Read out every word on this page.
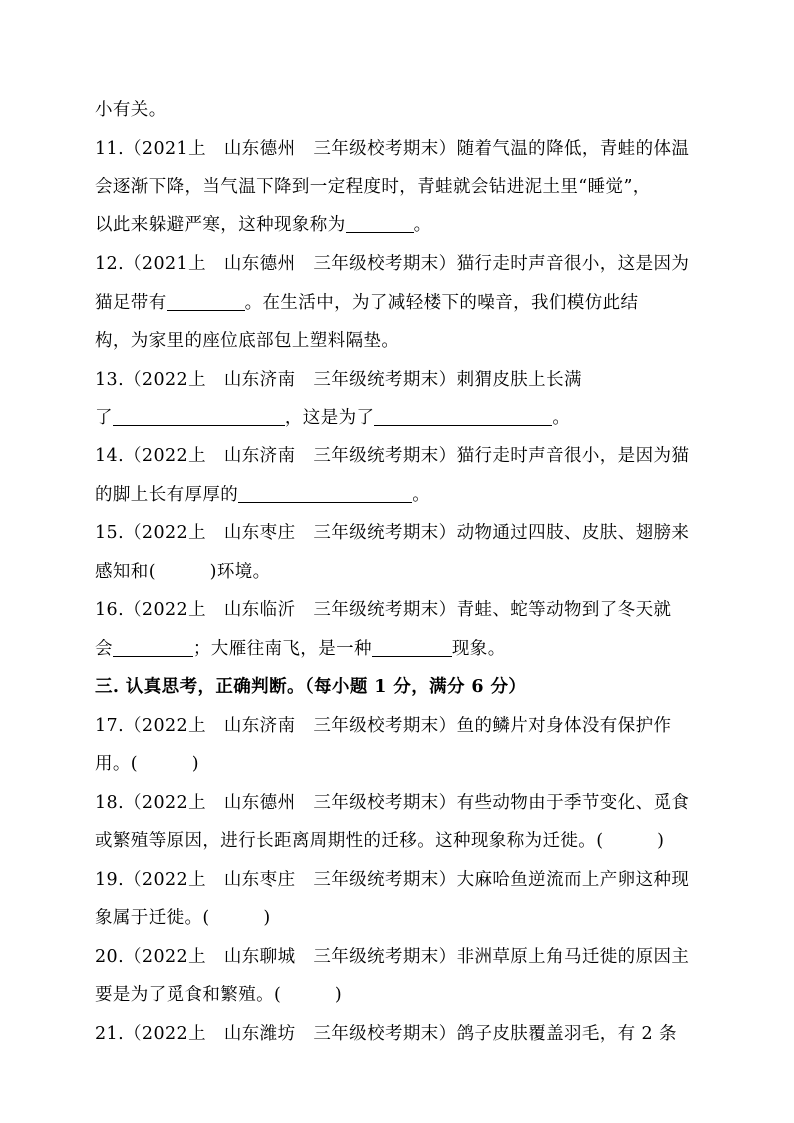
小有关。
11.（2021上　山东德州　三年级校考期末）随着气温的降低，青蛙的体温
会逐渐下降，当气温下降到一定程度时，青蛙就会钻进泥土里“睡觉”，
以此来躲避严寒，这种现象称为	。
12.（2021上　山东德州　三年级校考期末）猫行走时声音很小，这是因为
猫足带有	。在生活中，为了减轻楼下的噪音，我们模仿此结
构，为家里的座位底部包上塑料隔垫。
13.（2022上　山东济南　三年级统考期末）刺猬皮肤上长满
了	，这是为了	。
14.（2022上　山东济南　三年级统考期末）猫行走时声音很小，是因为猫
的脚上长有厚厚的	。
15.（2022上　山东枣庄　三年级统考期末）动物通过四肢、皮肤、翅膀来
感知和(　　　)环境。
16.（2022上　山东临沂　三年级统考期末）青蛙、蛇等动物到了冬天就
会	；大雁往南飞，是一种	现象。
三. 认真思考，正确判断。（每小题 1 分，满分 6 分）
17.（2022上　山东济南　三年级校考期末）鱼的鳞片对身体没有保护作
用。(　　　)
18.（2022上　山东德州　三年级校考期末）有些动物由于季节变化、觅食
或繁殖等原因，进行长距离周期性的迁移。这种现象称为迁徙。(　　　)
19.（2022上　山东枣庄　三年级统考期末）大麻哈鱼逆流而上产卵这种现
象属于迁徙。(　　　)
20.（2022上　山东聊城　三年级统考期末）非洲草原上角马迁徙的原因主
要是为了觅食和繁殖。(　　　)
21.（2022上　山东潍坊　三年级校考期末）鸽子皮肤覆盖羽毛，有 2 条
